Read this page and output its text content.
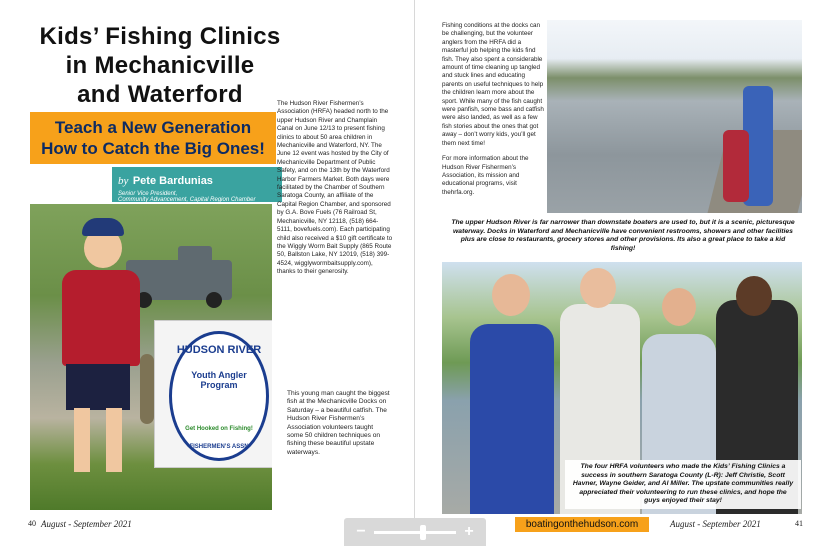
Kids’ Fishing Clinics
in Mechanicville
and Waterford
Teach a New Generation
How to Catch the Big Ones!
by Pete Bardunias
Senior Vice President,
Community Advancement, Capital Region Chamber

The Hudson River Fishermen’s Association (HRFA) headed north to the upper Hudson River and Champlain Canal on June 12/13 to present fishing clinics to about 50 area children in Mechanicville and Waterford, NY. The June 12 event was hosted by the City of Mechanicville Department of Public Safety, and on the 13th by the Waterford Harbor Farmers Market. Both days were facilitated by the Chamber of Southern Saratoga County, an affiliate of the Capital Region Chamber, and sponsored by G.A. Bove Fuels (76 Railroad St, Mechanicville, NY 12118, (518) 664-5111, bovefuels.com). Each participating child also received a $10 gift certificate to the Wiggly Worm Bait Supply (865 Route 50, Ballston Lake, NY 12019, (518) 399-4524, wigglywormbaitsupply.com), thanks to their generosity.

HUDSON RIVER
Youth Angler Program
Get Hooked on Fishing!
FISHERMEN’S ASSN
This young man caught the biggest fish at the Mechanicville Docks on Saturday – a beautiful catfish. The Hudson River Fishermen’s Association volunteers taught some 50 children techniques on fishing these beautiful upstate waterways.
40 August - September 2021

Fishing conditions at the docks can be challenging, but the volunteer anglers from the HRFA did a masterful job helping the kids find fish. They also spent a considerable amount of time cleaning up tangled and stuck lines and educating parents on useful techniques to help the children learn more about the sport. While many of the fish caught were panfish, some bass and catfish were also landed, as well as a few fish stories about the ones that got away – don’t worry kids, you’ll get them next time!

For more information about the Hudson River Fishermen’s Association, its mission and educational programs, visit thehrfa.org.

The upper Hudson River is far narrower than downstate boaters are used to, but it is a scenic, picturesque waterway. Docks in Waterford and Mechanicville have convenient restrooms, showers and other facilities plus are close to restaurants, grocery stores and other provisions. Its also a great place to take a kid fishing!
The four HRFA volunteers who made the Kids’ Fishing Clinics a success in southern Saratoga County (L-R): Jeff Christie, Scott Havner, Wayne Geider, and Al Miller. The upstate communities really appreciated their volunteering to run these clinics, and hope the guys enjoyed their stay!
boatingonthehudson.com	August - September 2021	41
−	+
